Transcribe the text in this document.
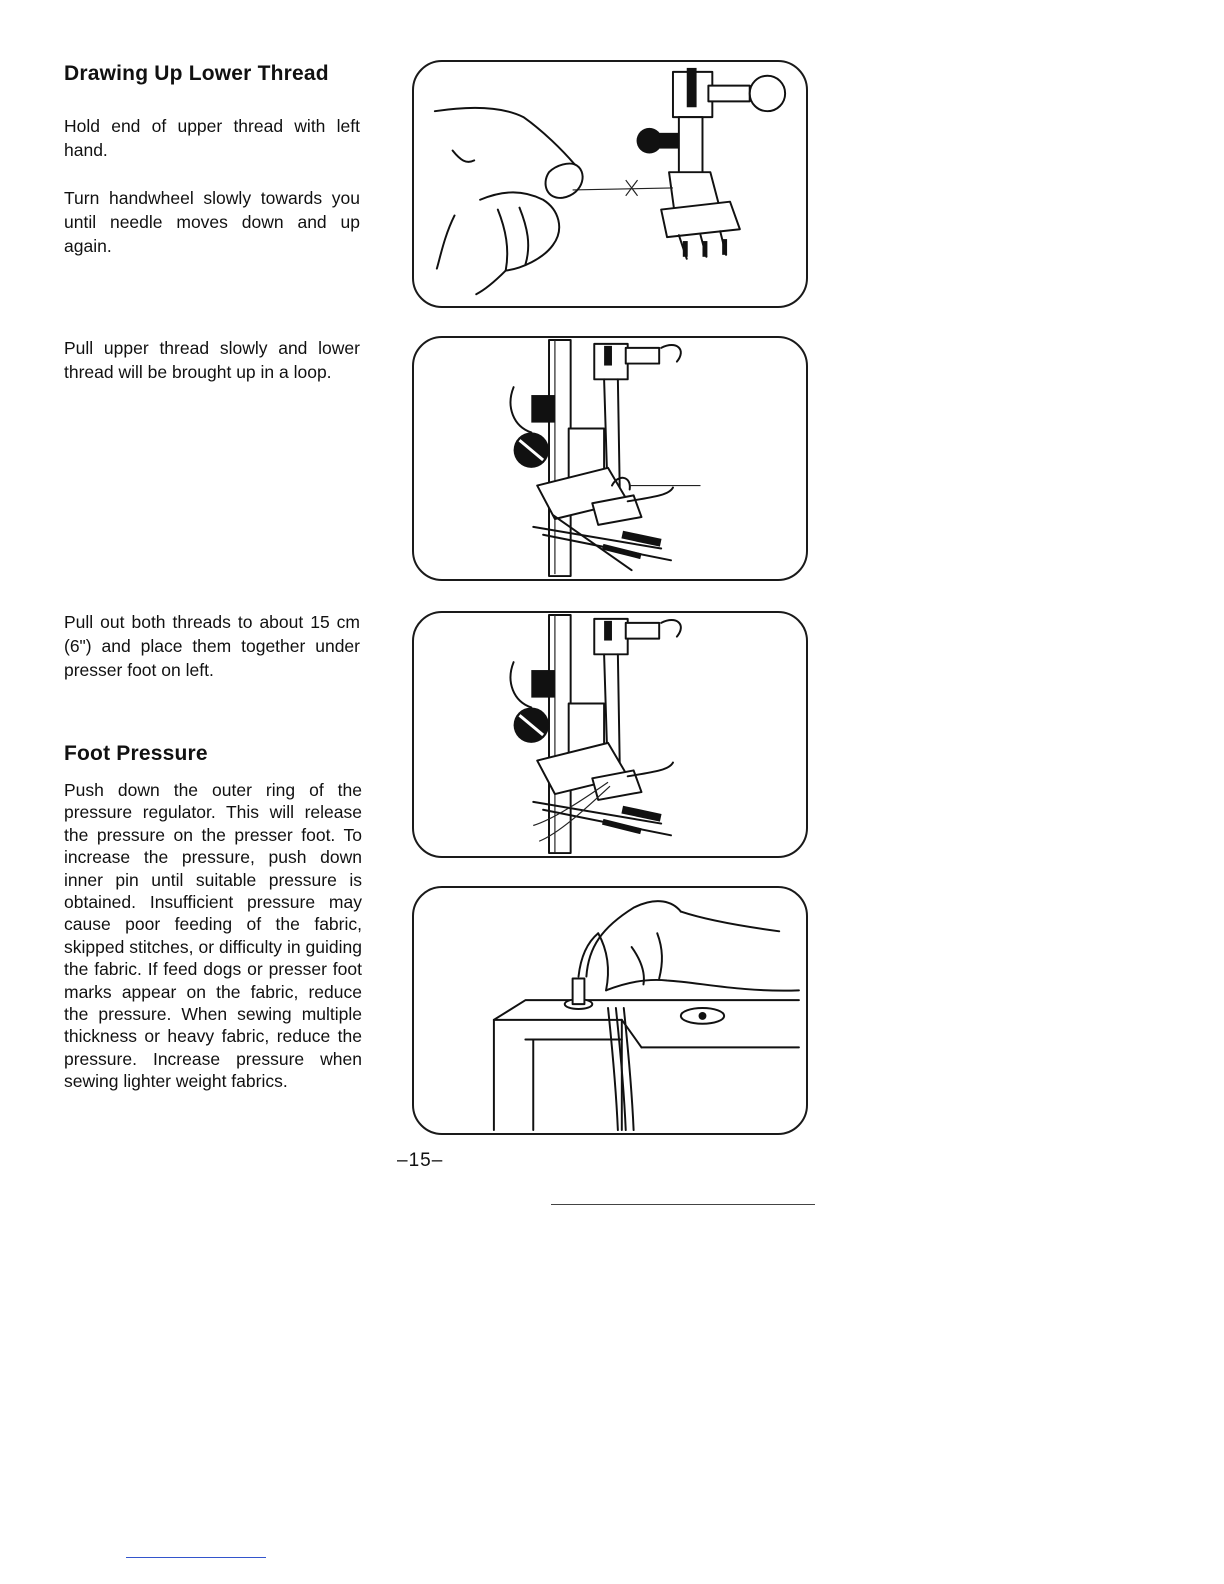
Drawing Up Lower Thread

Hold end of upper thread with left hand.

Turn handwheel slowly towards you until needle moves down and up again.

Pull upper thread slowly and lower thread will be brought up in a loop.

Pull out both threads to about 15 cm (6") and place them together under presser foot on left.

Foot Pressure

Push down the outer ring of the pressure regulator. This will release the pressure on the presser foot. To increase the pressure, push down inner pin until suitable pressure is obtained. Insufficient pressure may cause poor feeding of the fabric, skipped stitches, or difficulty in guiding the fabric. If feed dogs or presser foot marks appear on the fabric, reduce the pressure. When sewing multiple thickness or heavy fabric, reduce the pressure. Increase pressure when sewing lighter weight fabrics.

–15–
